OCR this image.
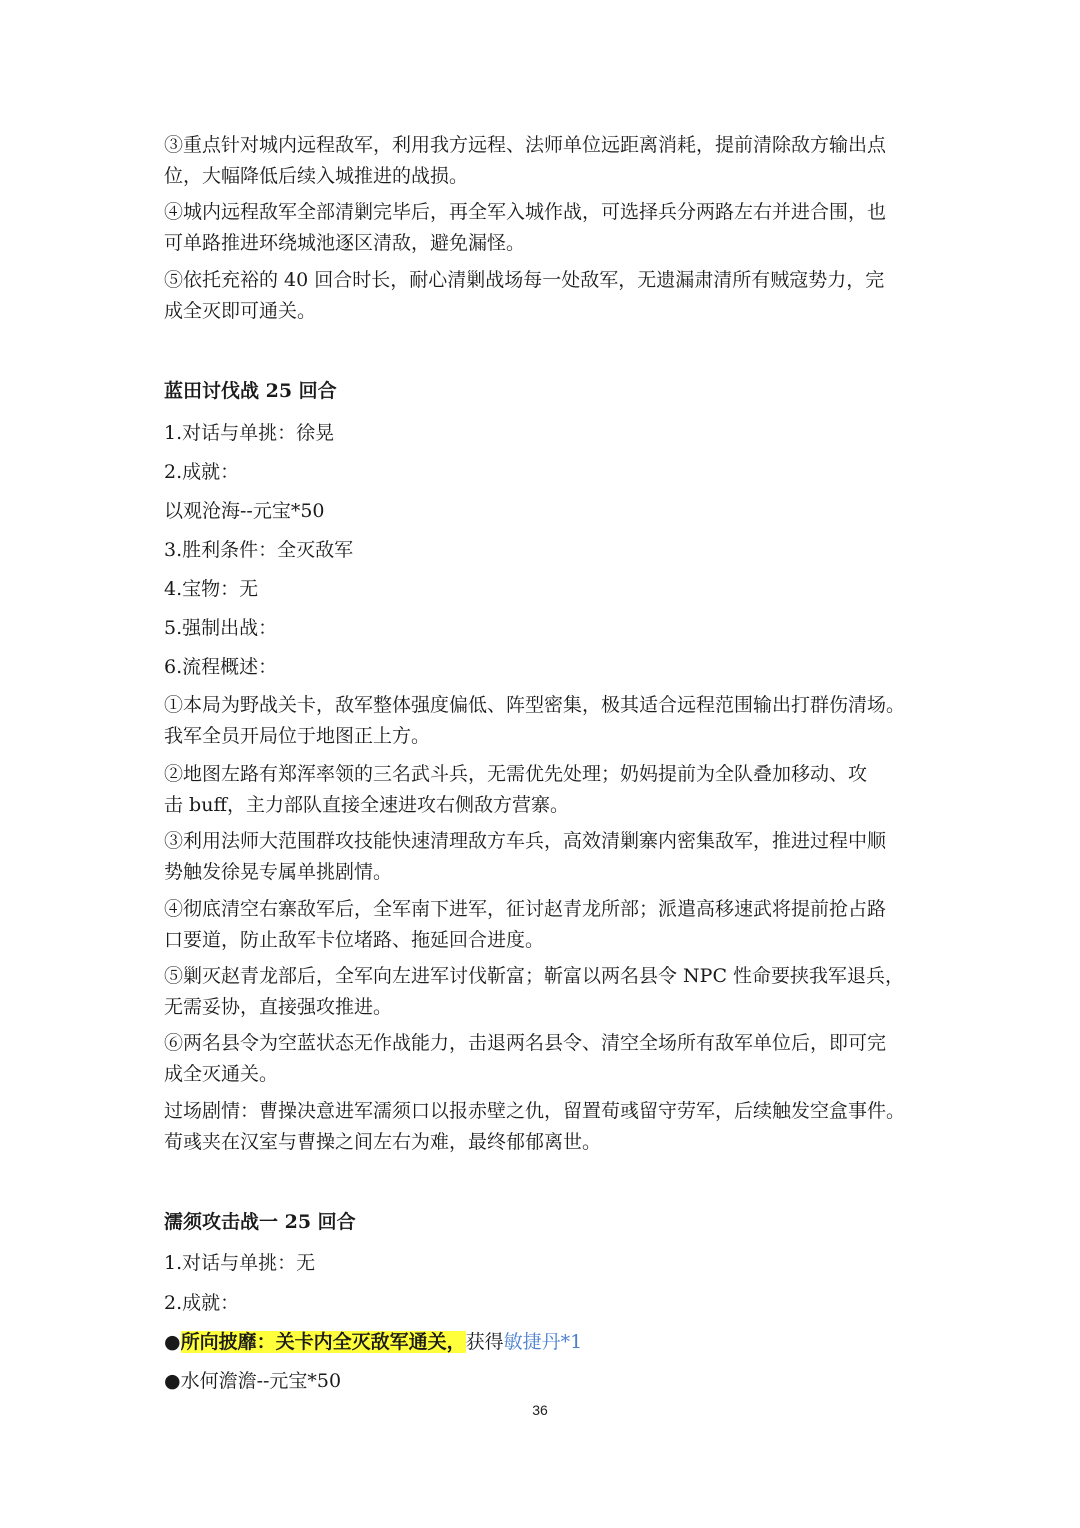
③重点针对城内远程敌军，利用我方远程、法师单位远距离消耗，提前清除敌方输出点
位，大幅降低后续入城推进的战损。

④城内远程敌军全部清剿完毕后，再全军入城作战，可选择兵分两路左右并进合围，也
可单路推进环绕城池逐区清敌，避免漏怪。

⑤依托充裕的 40 回合时长，耐心清剿战场每一处敌军，无遗漏肃清所有贼寇势力，完
成全灭即可通关。

蓝田讨伐战 25 回合

1.对话与单挑：徐晃

2.成就：

以观沧海--元宝*50

3.胜利条件：全灭敌军

4.宝物：无

5.强制出战：

6.流程概述：

①本局为野战关卡，敌军整体强度偏低、阵型密集，极其适合远程范围输出打群伤清场。
我军全员开局位于地图正上方。

②地图左路有郑浑率领的三名武斗兵，无需优先处理；奶妈提前为全队叠加移动、攻
击 buff，主力部队直接全速进攻右侧敌方营寨。

③利用法师大范围群攻技能快速清理敌方车兵，高效清剿寨内密集敌军，推进过程中顺
势触发徐晃专属单挑剧情。

④彻底清空右寨敌军后，全军南下进军，征讨赵青龙所部；派遣高移速武将提前抢占路
口要道，防止敌军卡位堵路、拖延回合进度。

⑤剿灭赵青龙部后，全军向左进军讨伐靳富；靳富以两名县令 NPC 性命要挟我军退兵，
无需妥协，直接强攻推进。

⑥两名县令为空蓝状态无作战能力，击退两名县令、清空全场所有敌军单位后，即可完
成全灭通关。

过场剧情：曹操决意进军濡须口以报赤壁之仇，留置荀彧留守劳军，后续触发空盒事件。
荀彧夹在汉室与曹操之间左右为难，最终郁郁离世。

濡须攻击战一 25 回合

1.对话与单挑：无

2.成就：

●所向披靡：关卡内全灭敌军通关，获得敏捷丹*1

●水何澹澹--元宝*50

36
